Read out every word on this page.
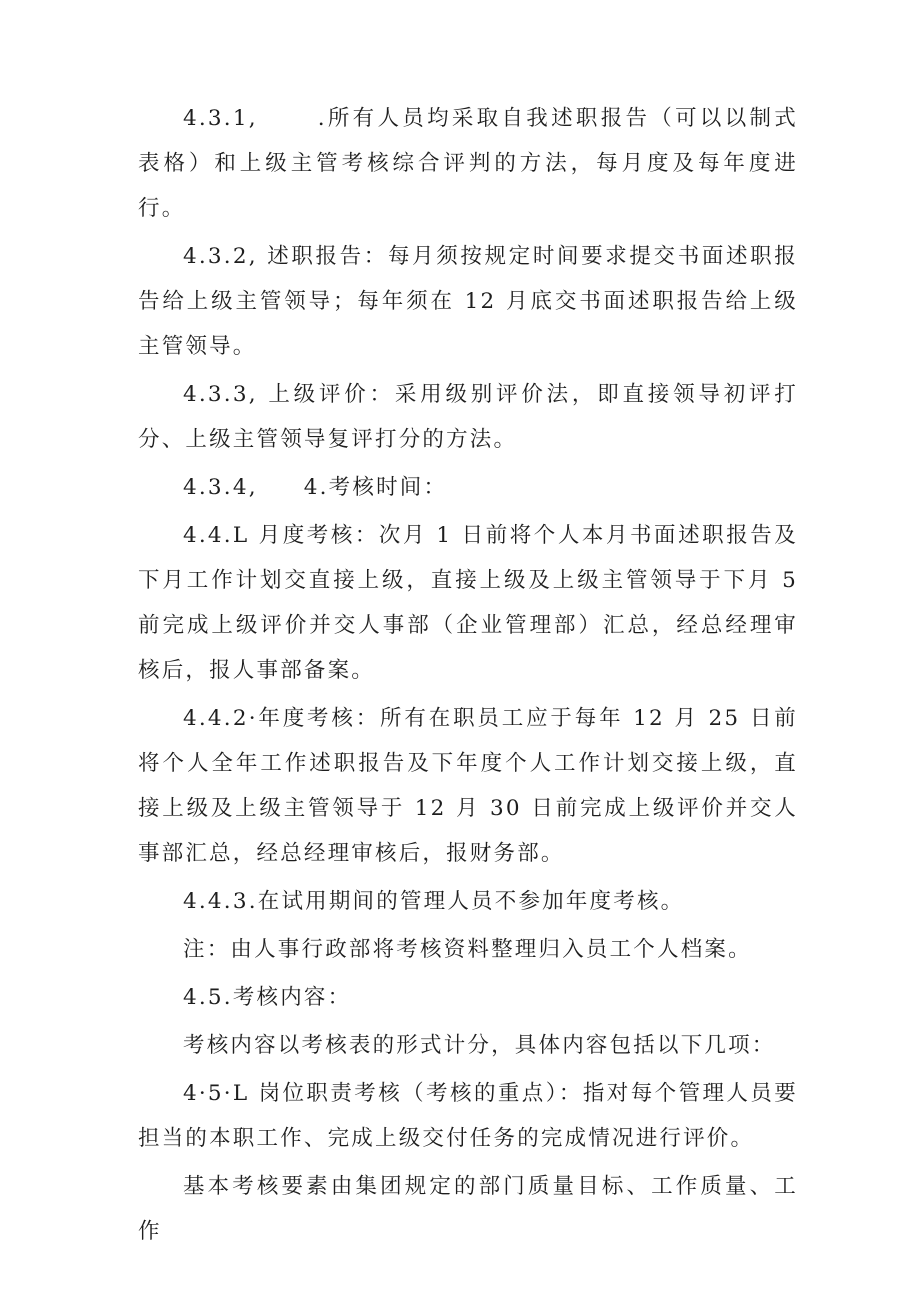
4.3.1,	.所有人员均采取自我述职报告（可以以制式表格）和上级主管考核综合评判的方法，每月度及每年度进行。

4.3.2, 述职报告：每月须按规定时间要求提交书面述职报告给上级主管领导；每年须在 12 月底交书面述职报告给上级主管领导。

4.3.3, 上级评价：采用级别评价法，即直接领导初评打分、上级主管领导复评打分的方法。

4.3.4, 4.考核时间：

4.4.L 月度考核：次月 1 日前将个人本月书面述职报告及下月工作计划交直接上级，直接上级及上级主管领导于下月 5 前完成上级评价并交人事部（企业管理部）汇总，经总经理审核后，报人事部备案。

4.4.2·年度考核：所有在职员工应于每年 12 月 25 日前将个人全年工作述职报告及下年度个人工作计划交接上级，直接上级及上级主管领导于 12 月 30 日前完成上级评价并交人事部汇总，经总经理审核后，报财务部。

4.4.3.在试用期间的管理人员不参加年度考核。

注：由人事行政部将考核资料整理归入员工个人档案。

4.5.考核内容：

考核内容以考核表的形式计分，具体内容包括以下几项：

4·5·L 岗位职责考核（考核的重点）：指对每个管理人员要担当的本职工作、完成上级交付任务的完成情况进行评价。

基本考核要素由集团规定的部门质量目标、工作质量、工作
